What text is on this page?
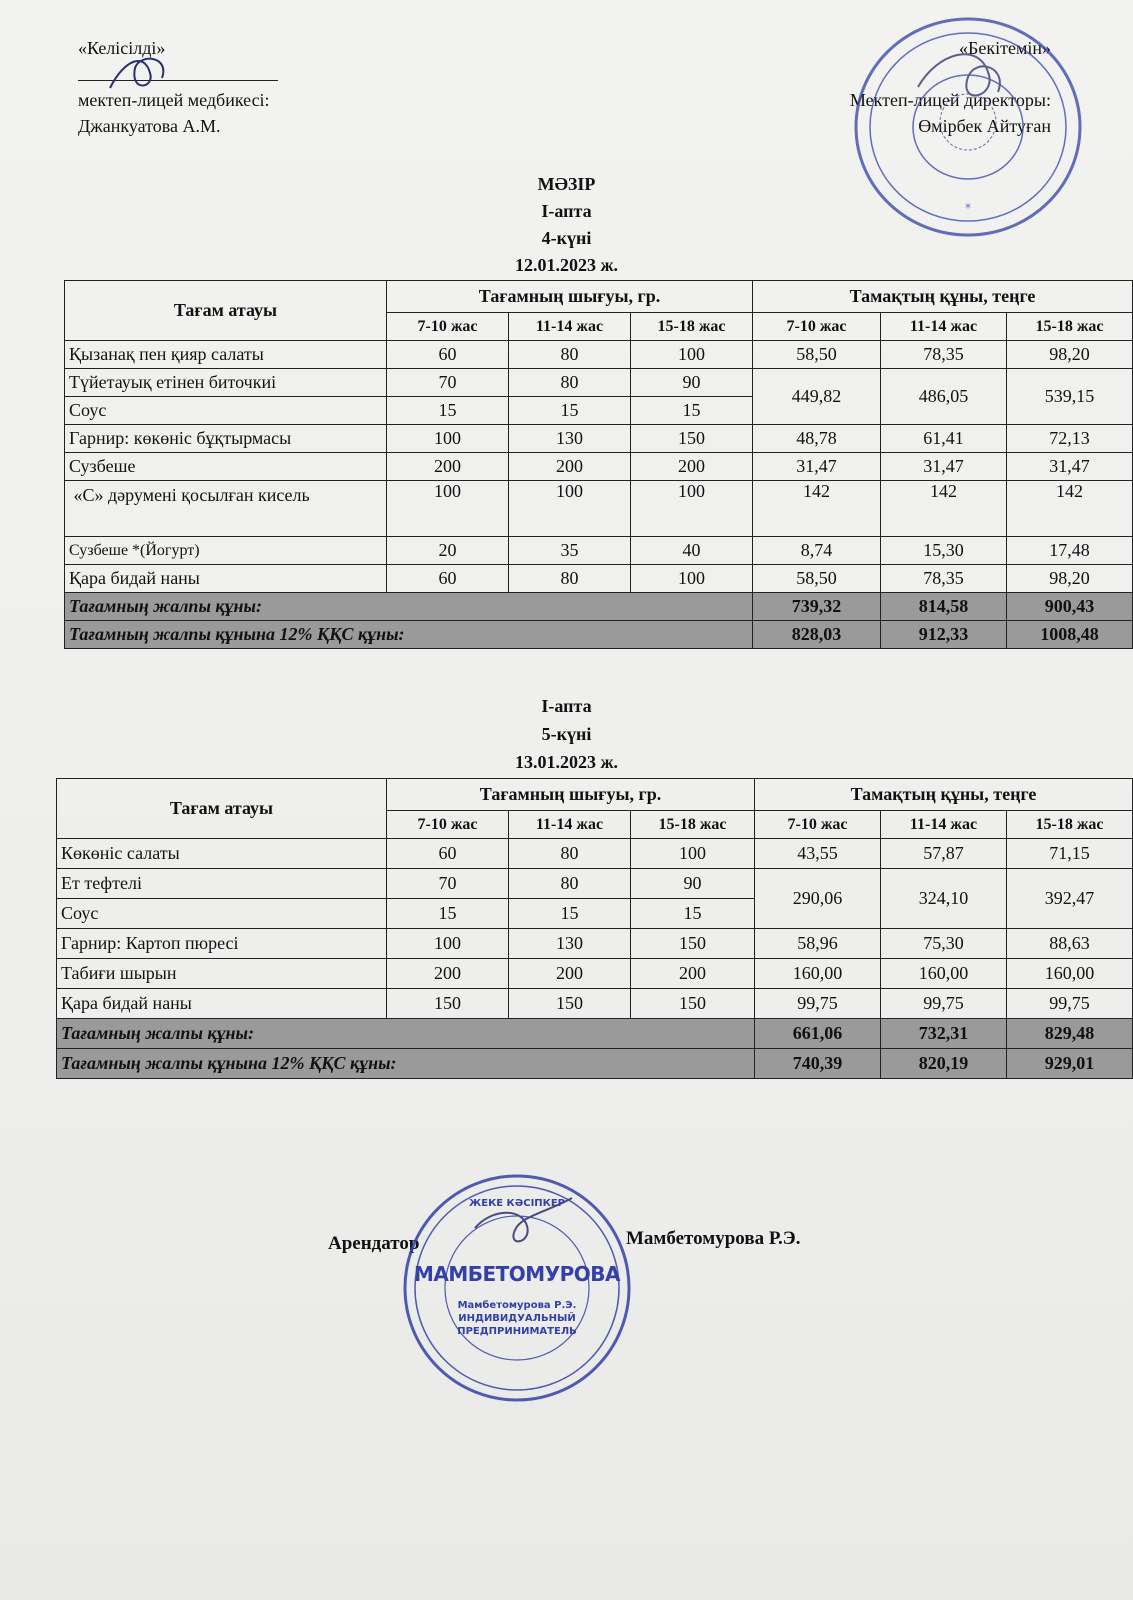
«Келісілді»
мектеп-лицей медбикесі:
Джанкуатова А.М.
«Бекітемін»
Мектеп-лицей директоры:
Өмірбек Айтуған
*
МӘЗІР
I-апта
4-күні
12.01.2023 ж.
Тағам атауы	Тағамның шығуы, гр.			Тамақтың құны, теңге		
	7-10 жас	11-14 жас	15-18 жас	7-10 жас	11-14 жас	15-18 жас
Қызанақ пен қияр салаты	60	80	100	58,50	78,35	98,20
Түйетауық етінен биточкиі	70	80	90	449,82	486,05	539,15
Соус	15	15	15			
Гарнир: көкөніс бұқтырмасы	100	130	150	48,78	61,41	72,13
Сузбеше	200	200	200	31,47	31,47	31,47
«С» дәрумені қосылған кисель	100	100	100	142	142	142
Сузбеше *(Йогурт)	20	35	40	8,74	15,30	17,48
Қара бидай наны	60	80	100	58,50	78,35	98,20
Тағамның жалпы құны:				739,32	814,58	900,43
Тағамның жалпы құнына 12% ҚҚС құны:				828,03	912,33	1008,48
I-апта
5-күні
13.01.2023 ж.
Тағам атауы	Тағамның шығуы, гр.			Тамақтың құны, теңге		
	7-10 жас	11-14 жас	15-18 жас	7-10 жас	11-14 жас	15-18 жас
Көкөніс салаты	60	80	100	43,55	57,87	71,15
Ет тефтелі	70	80	90	290,06	324,10	392,47
Соус	15	15	15			
Гарнир: Картоп пюресі	100	130	150	58,96	75,30	88,63
Табиғи шырын	200	200	200	160,00	160,00	160,00
Қара бидай наны	150	150	150	99,75	99,75	99,75
Тағамның жалпы құны:				661,06	732,31	829,48
Тағамның жалпы құнына 12% ҚҚС құны:				740,39	820,19	929,01
Арендатор	Мамбетомурова Р.Э.
ЖЕКЕ КӘСІПКЕР
МАМБЕТОМУРОВА
Мамбетомурова Р.Э.
ИНДИВИДУАЛЬНЫЙ
ПРЕДПРИНИМАТЕЛЬ
